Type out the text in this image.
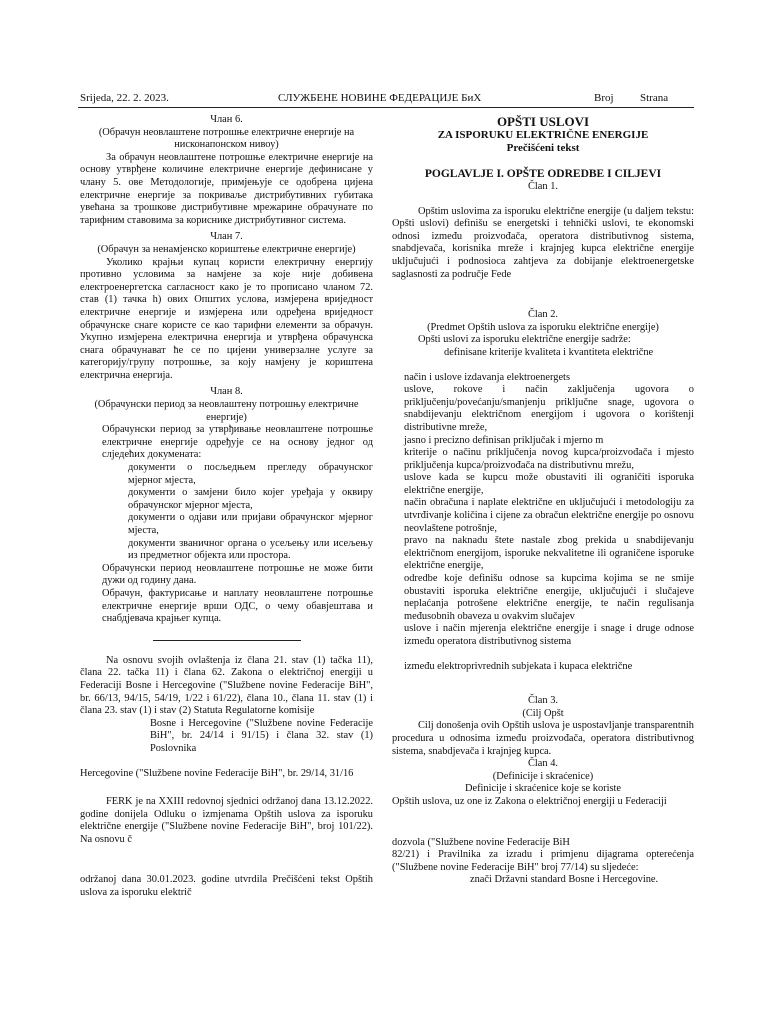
Srijeda, 22. 2. 2023.	СЛУЖБЕНЕ НОВИНЕ ФЕДЕРАЦИЈЕ БиХ	Broj Strana
Члан 6.
(Обрачун неовлаштене потрошње електричне енергије на нисконапонском нивоу)
За обрачун неовлаштене потрошње електричне енергије на основу утврђене количине електричне енергије дефинисане у члану 5. ове Методологије, примјењује се одобрена цијена електричне енергије за покриваље дистрибутивних губитака увећана за трошкове дистрибутивне мрежарине обрачунате по тарифним ставовима за кориснике дистрибутивног система.
Члан 7.
(Обрачун за ненамјенско кориштење електричне енергије)
Уколико крајњи купац користи електричну енергију противно условима за намјене за које није добивена електроенергетска сагласност како је то прописано чланом 72. став (1) тачка h) ових Општих услова, измјерена вриједност електричне енергије и измјерена или одређена вриједност обрачунске снаге користе се као тарифни елементи за обрачун. Укупно измјерена електрична енергија и утврђена обрачунска снага обрачунават ће се по цијени универзалне услуге за категорију/групу потрошње, за коју намјену је кориштена електрична енергија.
Члан 8.
(Обрачунски период за неовлаштену потрошњу електричне енергије)
Обрачунски период за утврђивање неовлаштене потрошње електричне енергије одређује се на основу једног од слједећих докумената:
документи о посљедњем прегледу обрачунског мјерног мјеста,
документи о замјени било којег уређаја у оквиру обрачунског мјерног мјеста,
документи о одјави или пријави обрачунског мјерног мјеста,
документи званичног органа о усељењу или исељењу из предметног објекта или простора.
Обрачунски период неовлаштене потрошње не може бити дужи од годину дана.
Обрачун, фактурисање и наплату неовлаштене потрошње електричне енергије врши ОДС, о чему обавјештава и снабдјевача крајњег купца.
Na osnovu svojih ovlaštenja iz člana 21. stav (1) tačka 11), člana 22. tačka 11) i člana 62. Zakona o električnoj energiji u Federaciji Bosne i Hercegovine ("Službene novine Federacije BiH", br. 66/13, 94/15, 54/19, 1/22 i 61/22), člana 10., člana 11. stav (1) i člana 23. stav (1) i stav (2) Statuta Regulatorne komisije
Bosne i Hercegovine ("Službene novine Federacije BiH", br. 24/14 i 91/15) i člana 32. stav (1) Poslovnika
Hercegovine ("Službene novine Federacije BiH", br. 29/14, 31/16
FERK je na XXIII redovnoj sjednici održanoj dana 13.12.2022. godine donijela Odluku o izmjenama Opštih uslova za isporuku električne energije ("Službene novine Federacije BiH", broj 101/22). Na osnovu č
održanoj dana 30.01.2023. godine utvrdila Prečišćeni tekst Opštih uslova za isporuku električ
OPŠTI USLOVI
ZA ISPORUKU ELEKTRIČNE ENERGIJE
Prečišćeni tekst
POGLAVLJE I. OPŠTE ODREDBE I CILJEVI
Član 1.
Opštim uslovima za isporuku električne energije (u daljem tekstu: Opšti uslovi) definišu se energetski i tehnički uslovi, te ekonomski odnosi između proizvođača, operatora distributivnog sistema, snabdjevača, korisnika mreže i krajnjeg kupca električne energije uključujući i podnosioca zahtjeva za dobijanje elektroenergetske saglasnosti za područje Fede
Član 2.
(Predmet Opštih uslova za isporuku električne energije)
Opšti uslovi za isporuku električne energije sadrže:
definisane kriterije kvaliteta i kvantiteta električne
način i uslove izdavanja elektroenergets
uslove, rokove i način zaključenja ugovora o priključenju/povećanju/smanjenju priključne snage, ugovora o snabdijevanju električnom energijom i ugovora o korištenji distributivne mreže,
jasno i precizno definisan priključak i mjerno m
kriterije o načinu priključenja novog kupca/proizvođača i mjesto priključenja kupca/proizvođača na distributivnu mrežu,
uslove kada se kupcu može obustaviti ili ograničiti isporuka električne energije,
način obračuna i naplate električne en uključujući i metodologiju za utvrđivanje količina i cijene za obračun električne energije po osnovu neovlaštene potrošnje,
pravo na naknadu štete nastale zbog prekida u snabdijevanju električnom energijom, isporuke nekvalitetne ili ograničene isporuke električne energije,
odredbe koje definišu odnose sa kupcima kojima se ne smije obustaviti isporuka električne energije, uključujući i slučajeve neplaćanja potrošene električne energije, te način regulisanja međusobnih obaveza u ovakvim slučajev
uslove i način mjerenja električne energije i snage i druge odnose između operatora distributivnog sistema
između elektroprivrednih subjekata i kupaca električne
Član 3.
(Cilj Opšt
Cilj donošenja ovih Opštih uslova je uspostavljanje transparentnih procedura u odnosima između proizvođača, operatora distributivnog sistema, snabdjevača i krajnjeg kupca.
Član 4.
(Definicije i skraćenice)
Definicije i skraćenice koje se koriste
Opštih uslova, uz one iz Zakona o električnoj energiji u Federaciji
dozvola ("Službene novine Federacije BiH
82/21) i Pravilnika za izradu i primjenu dijagrama opterećenja ("Službene novine Federacije BiH" broj 77/14) su sljedeće:
znači Državni standard Bosne i Hercegovine.
